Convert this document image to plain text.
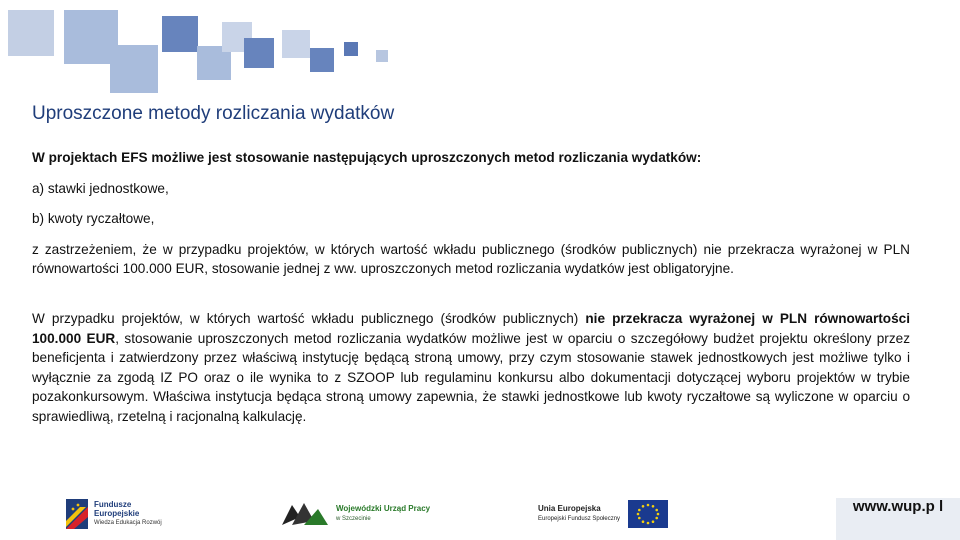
Uproszczone metody rozliczania wydatków

W projektach EFS możliwe jest stosowanie następujących uproszczonych metod rozliczania wydatków:

a) stawki jednostkowe,

b) kwoty ryczałtowe,

z zastrzeżeniem, że w przypadku projektów, w których wartość wkładu publicznego (środków publicznych) nie przekracza wyrażonej w PLN równowartości 100.000 EUR, stosowanie jednej z ww. uproszczonych metod rozliczania wydatków jest obligatoryjne.

W przypadku projektów, w których wartość wkładu publicznego (środków publicznych) nie przekracza wyrażonej w PLN równowartości 100.000 EUR, stosowanie uproszczonych metod rozliczania wydatków możliwe jest w oparciu o szczegółowy budżet projektu określony przez beneficjenta i zatwierdzony przez właściwą instytucję będącą stroną umowy, przy czym stosowanie stawek jednostkowych jest możliwe tylko i wyłącznie za zgodą IZ PO oraz o ile wynika to z SZOOP lub regulaminu konkursu albo dokumentacji dotyczącej wyboru projektów w trybie pozakonkursowym. Właściwa instytucja będąca stroną umowy zapewnia, że stawki jednostkowe lub kwoty ryczałtowe są wyliczone w oparciu o sprawiedliwą, rzetelną i racjonalną kalkulację.

Fundusze
Europejskie
Wiedza Edukacja Rozwój
Wojewódzki Urząd Pracy
w Szczecinie
Unia Europejska
Europejski Fundusz Społeczny
www.wup.p l
